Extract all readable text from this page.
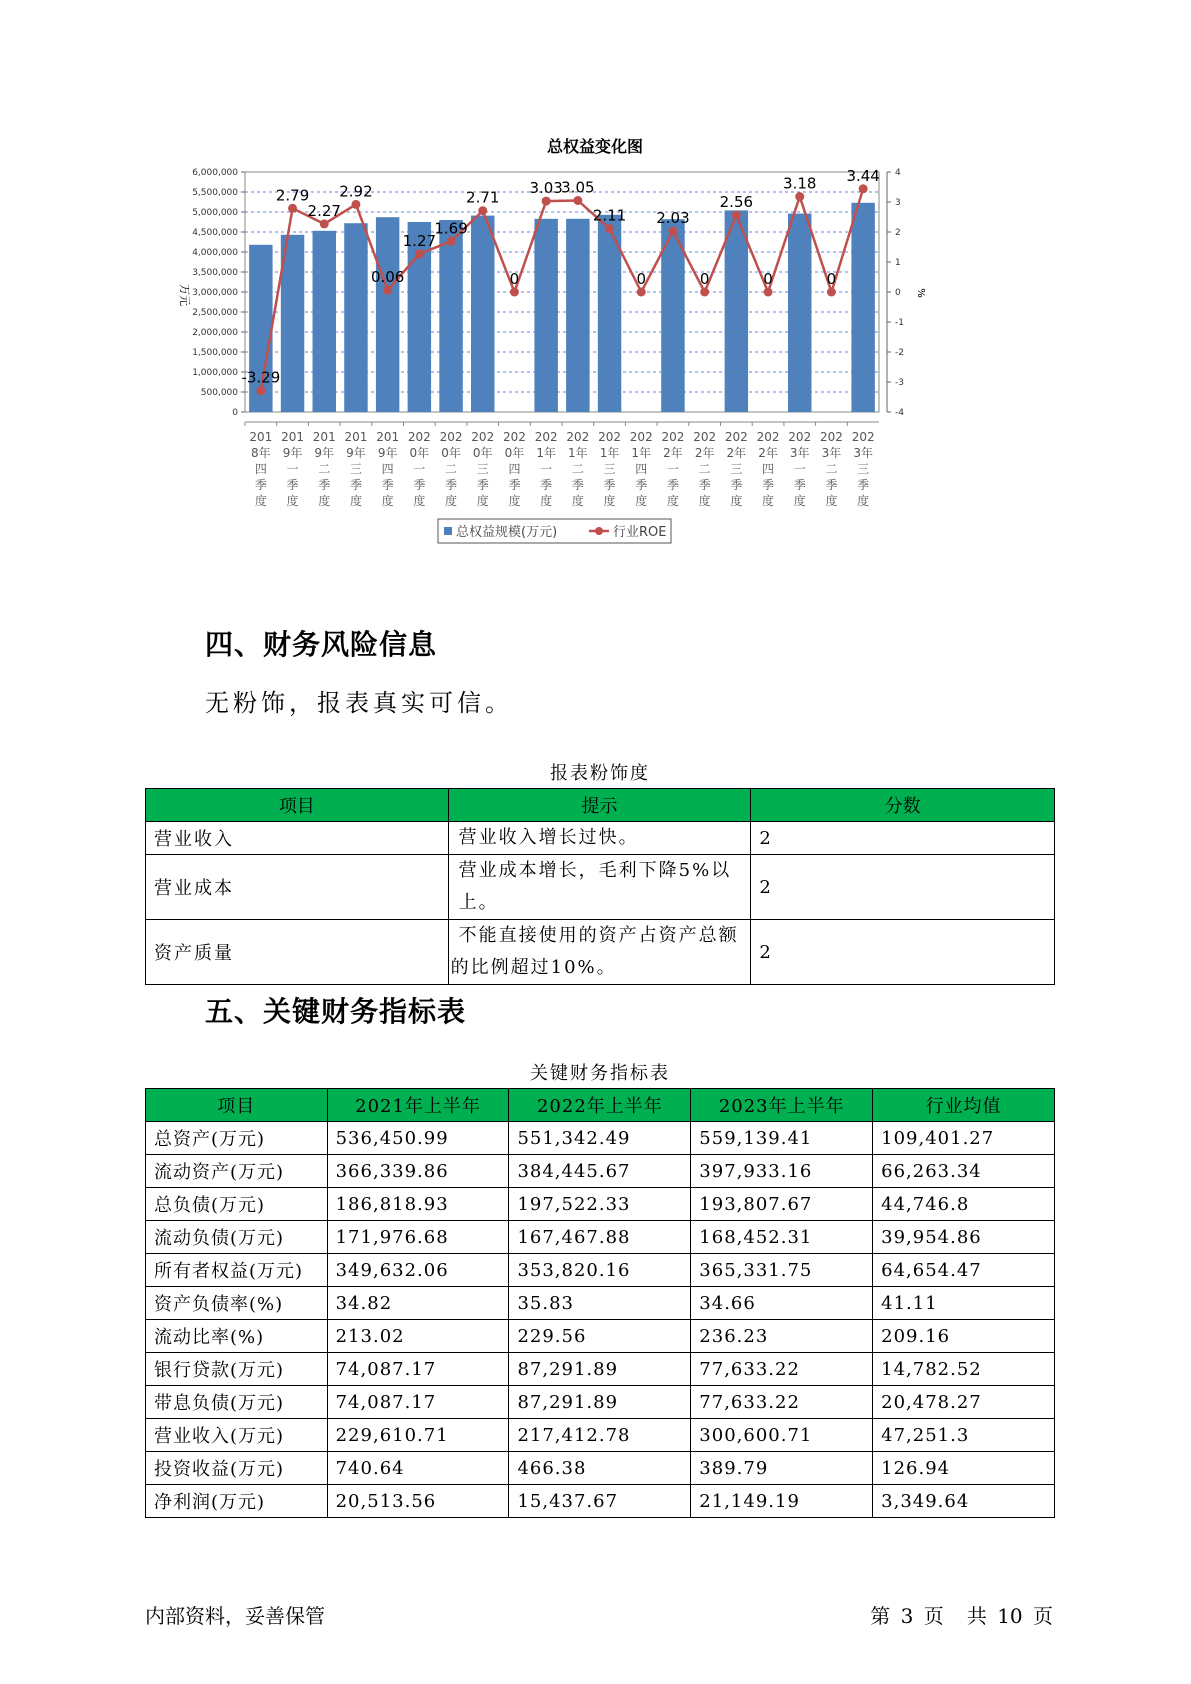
总权益变化图
0
500,000
1,000,000
1,500,000
2,000,000
2,500,000
3,000,000
3,500,000
4,000,000
4,500,000
5,000,000
5,500,000
6,000,000
-4
-3
-2
-1
0
1
2
3
4
万元	%
-3.29
2.79
2.27
2.92
0.06
1.27
1.69
2.71
0
3.03
3.05
2.11
0
2.03
0
2.56
0
3.18
0
3.44
201
8年
四
季
度
201
9年
一
季
度
201
9年
二
季
度
201
9年
三
季
度
201
9年
四
季
度
202
0年
一
季
度
202
0年
二
季
度
202
0年
三
季
度
202
0年
四
季
度
202
1年
一
季
度
202
1年
二
季
度
202
1年
三
季
度
202
1年
四
季
度
202
2年
一
季
度
202
2年
二
季
度
202
2年
三
季
度
202
2年
四
季
度
202
3年
一
季
度
202
3年
二
季
度
202
3年
三
季
度
总权益规模(万元)	行业ROE
四、财务风险信息

无粉饰，报表真实可信。

报表粉饰度
项目	提示	分数
营业收入	营业收入增长过快。	2
营业成本	营业成本增长，毛利下降5%以上。	2
资产质量	不能直接使用的资产占资产总额
的比例超过10%。	2
五、关键财务指标表
关键财务指标表
项目	2021年上半年	2022年上半年	2023年上半年	行业均值
总资产(万元)	536,450.99	551,342.49	559,139.41	109,401.27
流动资产(万元)	366,339.86	384,445.67	397,933.16	66,263.34
总负债(万元)	186,818.93	197,522.33	193,807.67	44,746.8
流动负债(万元)	171,976.68	167,467.88	168,452.31	39,954.86
所有者权益(万元)	349,632.06	353,820.16	365,331.75	64,654.47
资产负债率(%)	34.82	35.83	34.66	41.11
流动比率(%)	213.02	229.56	236.23	209.16
银行贷款(万元)	74,087.17	87,291.89	77,633.22	14,782.52
带息负债(万元)	74,087.17	87,291.89	77,633.22	20,478.27
营业收入(万元)	229,610.71	217,412.78	300,600.71	47,251.3
投资收益(万元)	740.64	466.38	389.79	126.94
净利润(万元)	20,513.56	15,437.67	21,149.19	3,349.64
内部资料，妥善保管	第 3 页 共 10 页
